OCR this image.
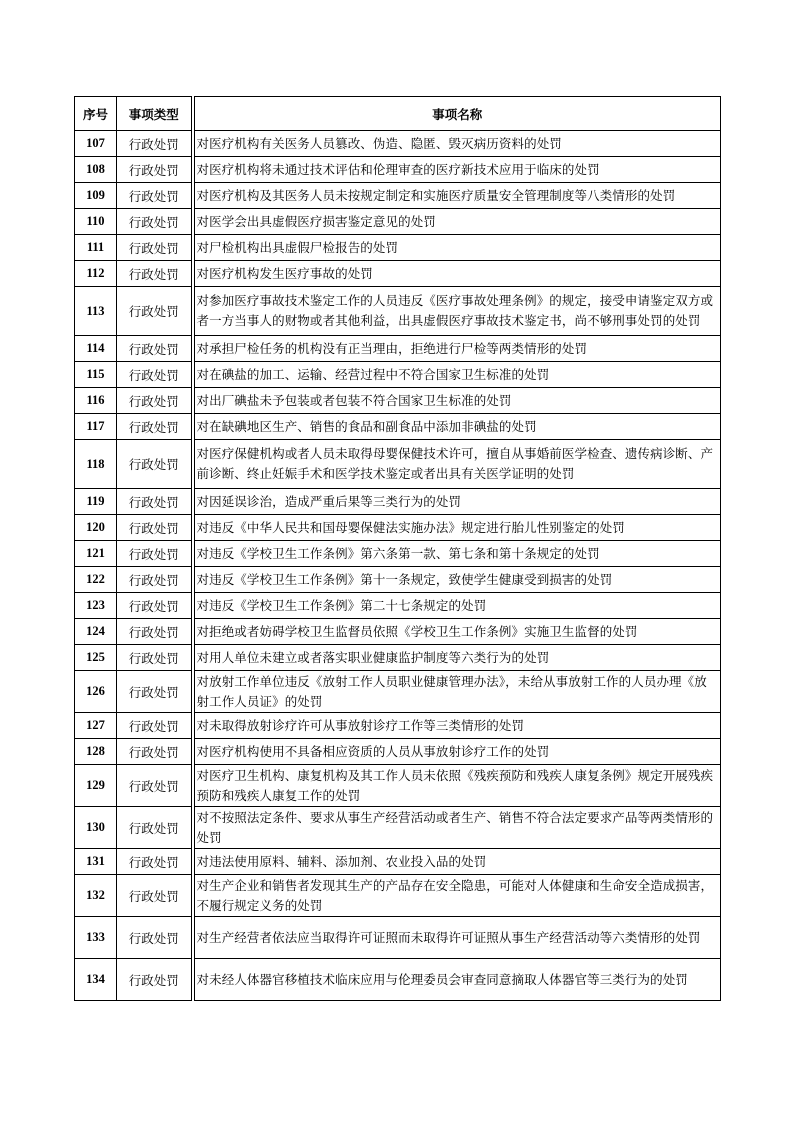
序号	事项类型	事项名称
107	行政处罚	对医疗机构有关医务人员篡改、伪造、隐匿、毁灭病历资料的处罚
108	行政处罚	对医疗机构将未通过技术评估和伦理审查的医疗新技术应用于临床的处罚
109	行政处罚	对医疗机构及其医务人员未按规定制定和实施医疗质量安全管理制度等八类情形的处罚
110	行政处罚	对医学会出具虚假医疗损害鉴定意见的处罚
111	行政处罚	对尸检机构出具虚假尸检报告的处罚
112	行政处罚	对医疗机构发生医疗事故的处罚
113	行政处罚	对参加医疗事故技术鉴定工作的人员违反《医疗事故处理条例》的规定，接受申请鉴定双方或者一方当事人的财物或者其他利益，出具虚假医疗事故技术鉴定书，尚不够刑事处罚的处罚
114	行政处罚	对承担尸检任务的机构没有正当理由，拒绝进行尸检等两类情形的处罚
115	行政处罚	对在碘盐的加工、运输、经营过程中不符合国家卫生标准的处罚
116	行政处罚	对出厂碘盐未予包装或者包装不符合国家卫生标准的处罚
117	行政处罚	对在缺碘地区生产、销售的食品和副食品中添加非碘盐的处罚
118	行政处罚	对医疗保健机构或者人员未取得母婴保健技术许可，擅自从事婚前医学检查、遗传病诊断、产前诊断、终止妊娠手术和医学技术鉴定或者出具有关医学证明的处罚
119	行政处罚	对因延误诊治，造成严重后果等三类行为的处罚
120	行政处罚	对违反《中华人民共和国母婴保健法实施办法》规定进行胎儿性别鉴定的处罚
121	行政处罚	对违反《学校卫生工作条例》第六条第一款、第七条和第十条规定的处罚
122	行政处罚	对违反《学校卫生工作条例》第十一条规定，致使学生健康受到损害的处罚
123	行政处罚	对违反《学校卫生工作条例》第二十七条规定的处罚
124	行政处罚	对拒绝或者妨碍学校卫生监督员依照《学校卫生工作条例》实施卫生监督的处罚
125	行政处罚	对用人单位未建立或者落实职业健康监护制度等六类行为的处罚
126	行政处罚	对放射工作单位违反《放射工作人员职业健康管理办法》，未给从事放射工作的人员办理《放射工作人员证》的处罚
127	行政处罚	对未取得放射诊疗许可从事放射诊疗工作等三类情形的处罚
128	行政处罚	对医疗机构使用不具备相应资质的人员从事放射诊疗工作的处罚
129	行政处罚	对医疗卫生机构、康复机构及其工作人员未依照《残疾预防和残疾人康复条例》规定开展残疾预防和残疾人康复工作的处罚
130	行政处罚	对不按照法定条件、要求从事生产经营活动或者生产、销售不符合法定要求产品等两类情形的处罚
131	行政处罚	对违法使用原料、辅料、添加剂、农业投入品的处罚
132	行政处罚	对生产企业和销售者发现其生产的产品存在安全隐患，可能对人体健康和生命安全造成损害，不履行规定义务的处罚
133	行政处罚	对生产经营者依法应当取得许可证照而未取得许可证照从事生产经营活动等六类情形的处罚
134	行政处罚	对未经人体器官移植技术临床应用与伦理委员会审查同意摘取人体器官等三类行为的处罚
